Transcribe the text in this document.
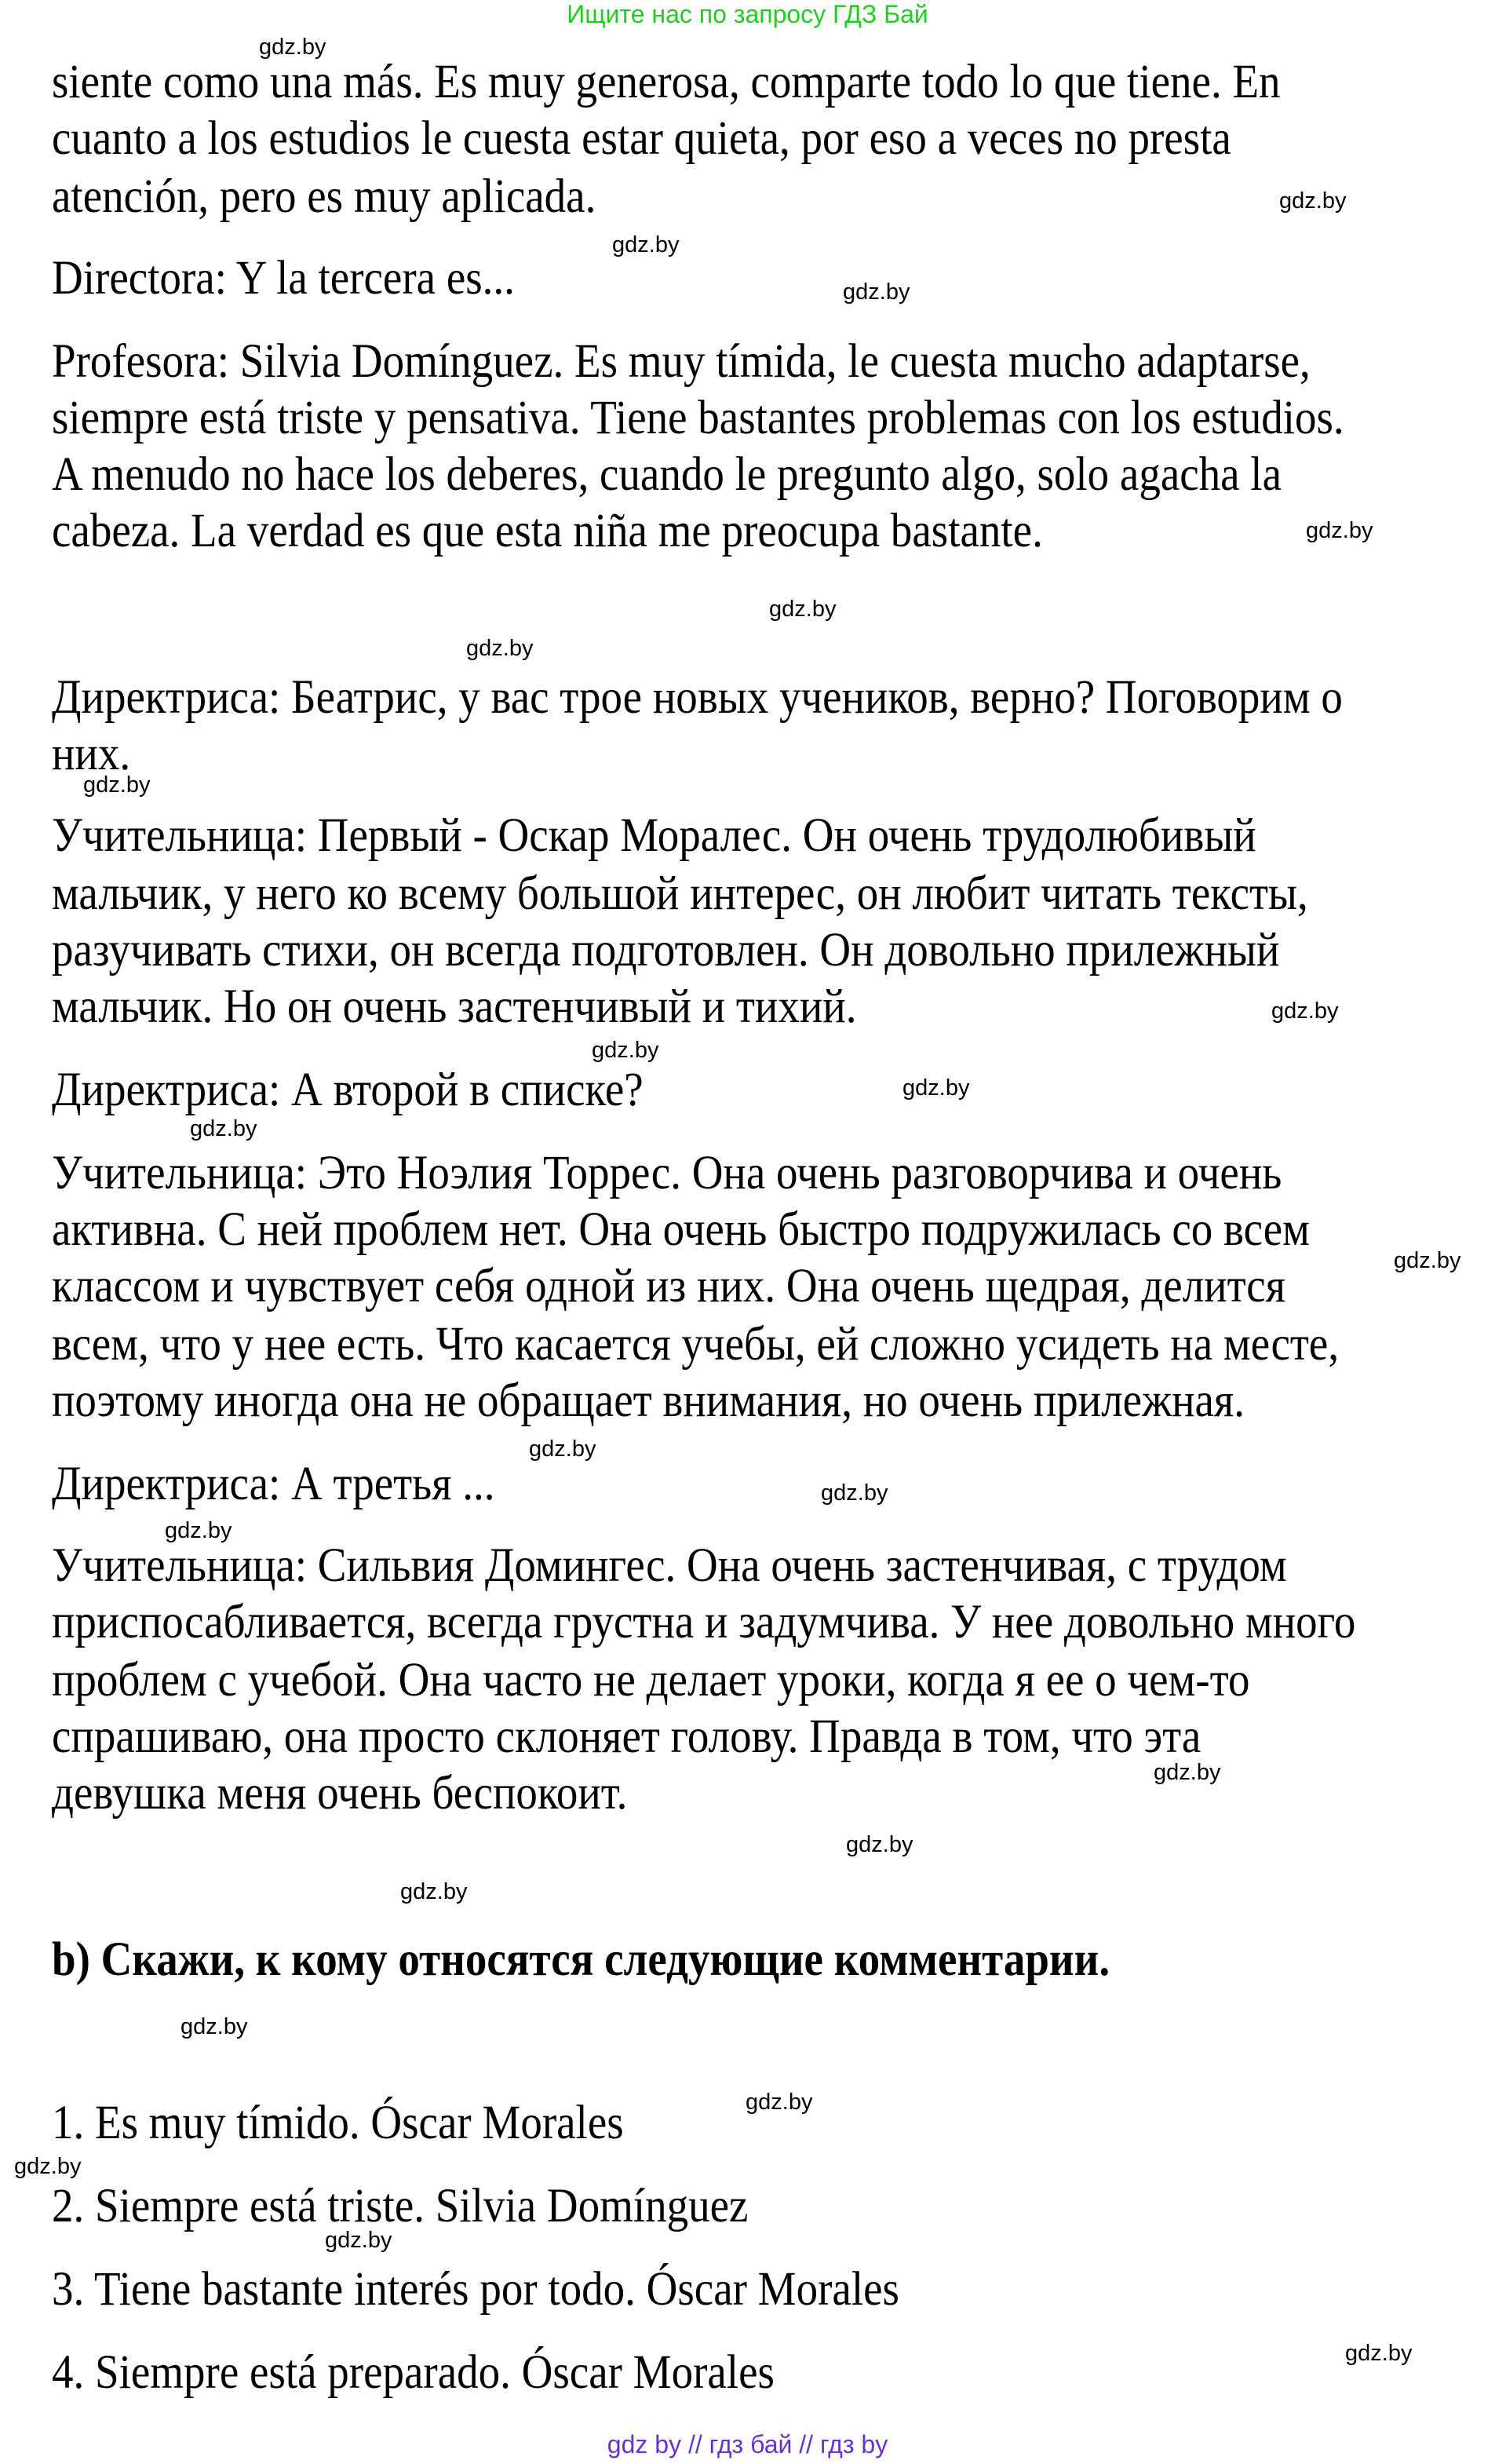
Ищите нас по запросу ГДЗ Бай
siente como una más. Es muy generosa, comparte todo lo que tiene. En
cuanto a los estudios le cuesta estar quieta, por eso a veces no presta
atención, pero es muy aplicada.
Directora: Y la tercera es...
Profesora: Silvia Domínguez. Es muy tímida, le cuesta mucho adaptarse,
siempre está triste y pensativa. Tiene bastantes problemas con los estudios.
A menudo no hace los deberes, cuando le pregunto algo, solo agacha la
cabeza. La verdad es que esta niña me preocupa bastante.
Директриса: Беатрис, у вас трое новых учеников, верно? Поговорим о
них.
Учительница: Первый - Оскар Моралес. Он очень трудолюбивый
мальчик, у него ко всему большой интерес, он любит читать тексты,
разучивать стихи, он всегда подготовлен. Он довольно прилежный
мальчик. Но он очень застенчивый и тихий.
Директриса: А второй в списке?
Учительница: Это Ноэлия Торрес. Она очень разговорчива и очень
активна. С ней проблем нет. Она очень быстро подружилась со всем
классом и чувствует себя одной из них. Она очень щедрая, делится
всем, что у нее есть. Что касается учебы, ей сложно усидеть на месте,
поэтому иногда она не обращает внимания, но очень прилежная.
Директриса: А третья ...
Учительница: Сильвия Домингес. Она очень застенчивая, с трудом
приспосабливается, всегда грустна и задумчива. У нее довольно много
проблем с учебой. Она часто не делает уроки, когда я ее о чем-то
спрашиваю, она просто склоняет голову. Правда в том, что эта
девушка меня очень беспокоит.
b) Скажи, к кому относятся следующие комментарии.
1. Es muy tímido. Óscar Morales
2. Siempre está triste. Silvia Domínguez
3. Tiene bastante interés por todo. Óscar Morales
4. Siempre está preparado. Óscar Morales
gdz.by
gdz.by
gdz.by
gdz.by
gdz.by
gdz.by
gdz.by
gdz.by
gdz.by
gdz.by
gdz.by
gdz.by
gdz.by
gdz.by
gdz.by
gdz.by
gdz.by
gdz.by
gdz.by
gdz.by
gdz.by
gdz.by
gdz.by
gdz.by
gdz by // гдз бай // гдз by
